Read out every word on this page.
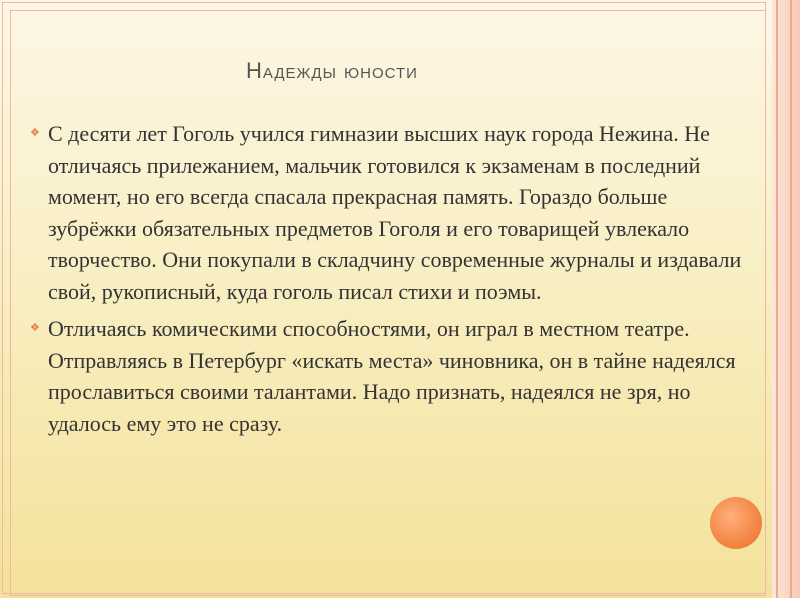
Надежды юности
❖ С десяти лет Гоголь учился гимназии высших наук города Нежина. Не отличаясь прилежанием, мальчик готовился к экзаменам в последний момент, но его всегда спасала прекрасная память. Гораздо больше зубрёжки обязательных предметов Гоголя и его товарищей увлекало творчество. Они покупали в складчину современные журналы и издавали свой, рукописный, куда гоголь писал стихи и поэмы.
❖ Отличаясь комическими способностями, он играл в местном театре. Отправляясь в Петербург «искать места» чиновника, он в тайне надеялся прославиться своими талантами. Надо признать, надеялся не зря, но удалось ему это не сразу.
